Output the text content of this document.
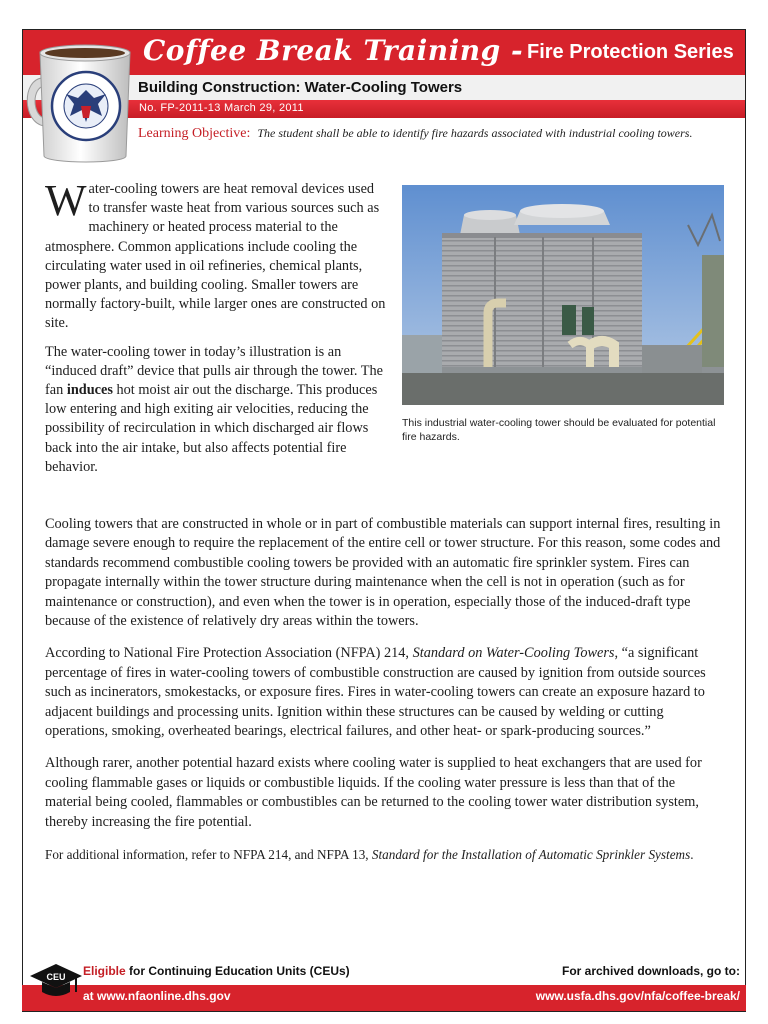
Coffee Break Training - Fire Protection Series
Building Construction: Water-Cooling Towers
No. FP-2011-13 March 29, 2011
Learning Objective: The student shall be able to identify fire hazards associated with industrial cooling towers.

Water-cooling towers are heat removal devices used to transfer waste heat from various sources such as machinery or heated process material to the atmosphere. Common applications include cooling the circulating water used in oil refineries, chemical plants, power plants, and building cooling. Smaller towers are normally factory-built, while larger ones are constructed on site.

The water-cooling tower in today’s illustration is an “induced draft” device that pulls air through the tower. The fan induces hot moist air out the discharge. This produces low entering and high exiting air velocities, reducing the possibility of recirculation in which discharged air flows back into the air intake, but also affects potential fire behavior.

This industrial water-cooling tower should be evaluated for potential fire hazards.

Cooling towers that are constructed in whole or in part of combustible materials can support internal fires, resulting in damage severe enough to require the replacement of the entire cell or tower structure. For this reason, some codes and standards recommend combustible cooling towers be provided with an automatic fire sprinkler system. Fires can propagate internally within the tower structure during maintenance when the cell is not in operation (such as for maintenance or construction), and even when the tower is in operation, especially those of the induced-draft type because of the existence of relatively dry areas within the towers.

According to National Fire Protection Association (NFPA) 214, Standard on Water-Cooling Towers, “a significant percentage of fires in water-cooling towers of combustible construction are caused by ignition from outside sources such as incinerators, smokestacks, or exposure fires. Fires in water-cooling towers can create an exposure hazard to adjacent buildings and processing units. Ignition within these structures can be caused by welding or cutting operations, smoking, overheated bearings, electrical failures, and other heat- or spark-producing sources.”

Although rarer, another potential hazard exists where cooling water is supplied to heat exchangers that are used for cooling flammable gases or liquids or combustible liquids. If the cooling water pressure is less than that of the material being cooled, flammables or combustibles can be returned to the cooling tower water distribution system, thereby increasing the fire potential.

For additional information, refer to NFPA 214, and NFPA 13, Standard for the Installation of Automatic Sprinkler Systems.

CEU Eligible for Continuing Education Units (CEUs)
at www.nfaonline.dhs.gov
For archived downloads, go to:
www.usfa.dhs.gov/nfa/coffee-break/
